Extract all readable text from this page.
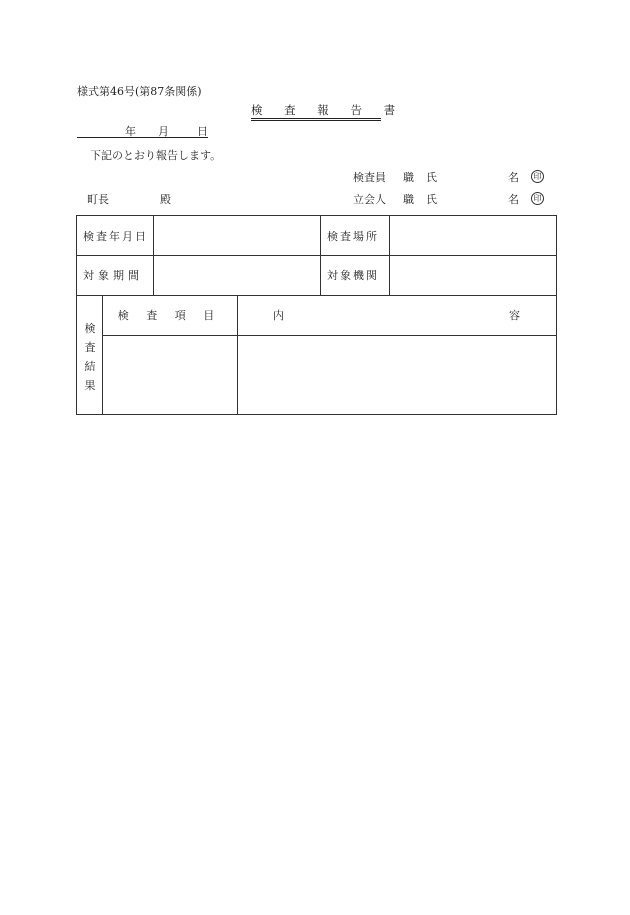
様式第46号(第87条関係)
検 査 報 告 書
年 月	日
下記のとおり報告します。
検査員 職 氏	名	印
町長	殿	立会人 職 氏	名	印
検査年月日	検査場所
対象期間	対象機関
検
査
結
果
検 査 項 目	内	容
